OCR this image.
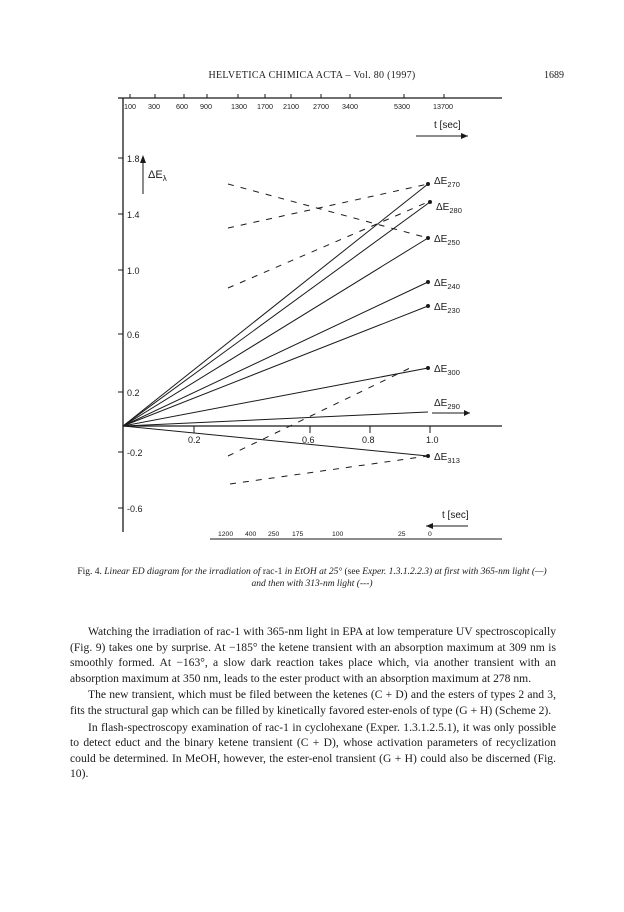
HELVETICA CHIMICA ACTA – Vol. 80 (1997)	1689
100 300 600 900	1300 1700 2100 2700 3400	5300	13700
t [sec]
$\Delta E_\lambda$
1.8
1.4
1.0
0.6
0.2
-0.2
-0.6
0.2	0.6	0.8	1.0
$\Delta E_{270}$
$\Delta E_{280}$
$\Delta E_{250}$
$\Delta E_{240}$
$\Delta E_{230}$
$\Delta E_{300}$
$\Delta E_{290}$
$\Delta E_{313}$
t [sec]
1200 400 250 175	100	25	0
Fig. 4. Linear ED diagram for the irradiation of rac-1 in EtOH at 25° (see Exper. 1.3.1.2.2.3) at first with 365-nm light (—) and then with 313-nm light (---)

Watching the irradiation of rac-1 with 365-nm light in EPA at low temperature UV spectroscopically (Fig. 9) takes one by surprise. At −185° the ketene transient with an absorption maximum at 309 nm is smoothly formed. At −163°, a slow dark reaction takes place which, via another transient with an absorption maximum at 350 nm, leads to the ester product with an absorption maximum at 278 nm.

The new transient, which must be filed between the ketenes (C + D) and the esters of types 2 and 3, fits the structural gap which can be filled by kinetically favored ester-enols of type (G + H) (Scheme 2).

In flash-spectroscopy examination of rac-1 in cyclohexane (Exper. 1.3.1.2.5.1), it was only possible to detect educt and the binary ketene transient (C + D), whose activation parameters of recyclization could be determined. In MeOH, however, the ester-enol transient (G + H) could also be discerned (Fig. 10).
